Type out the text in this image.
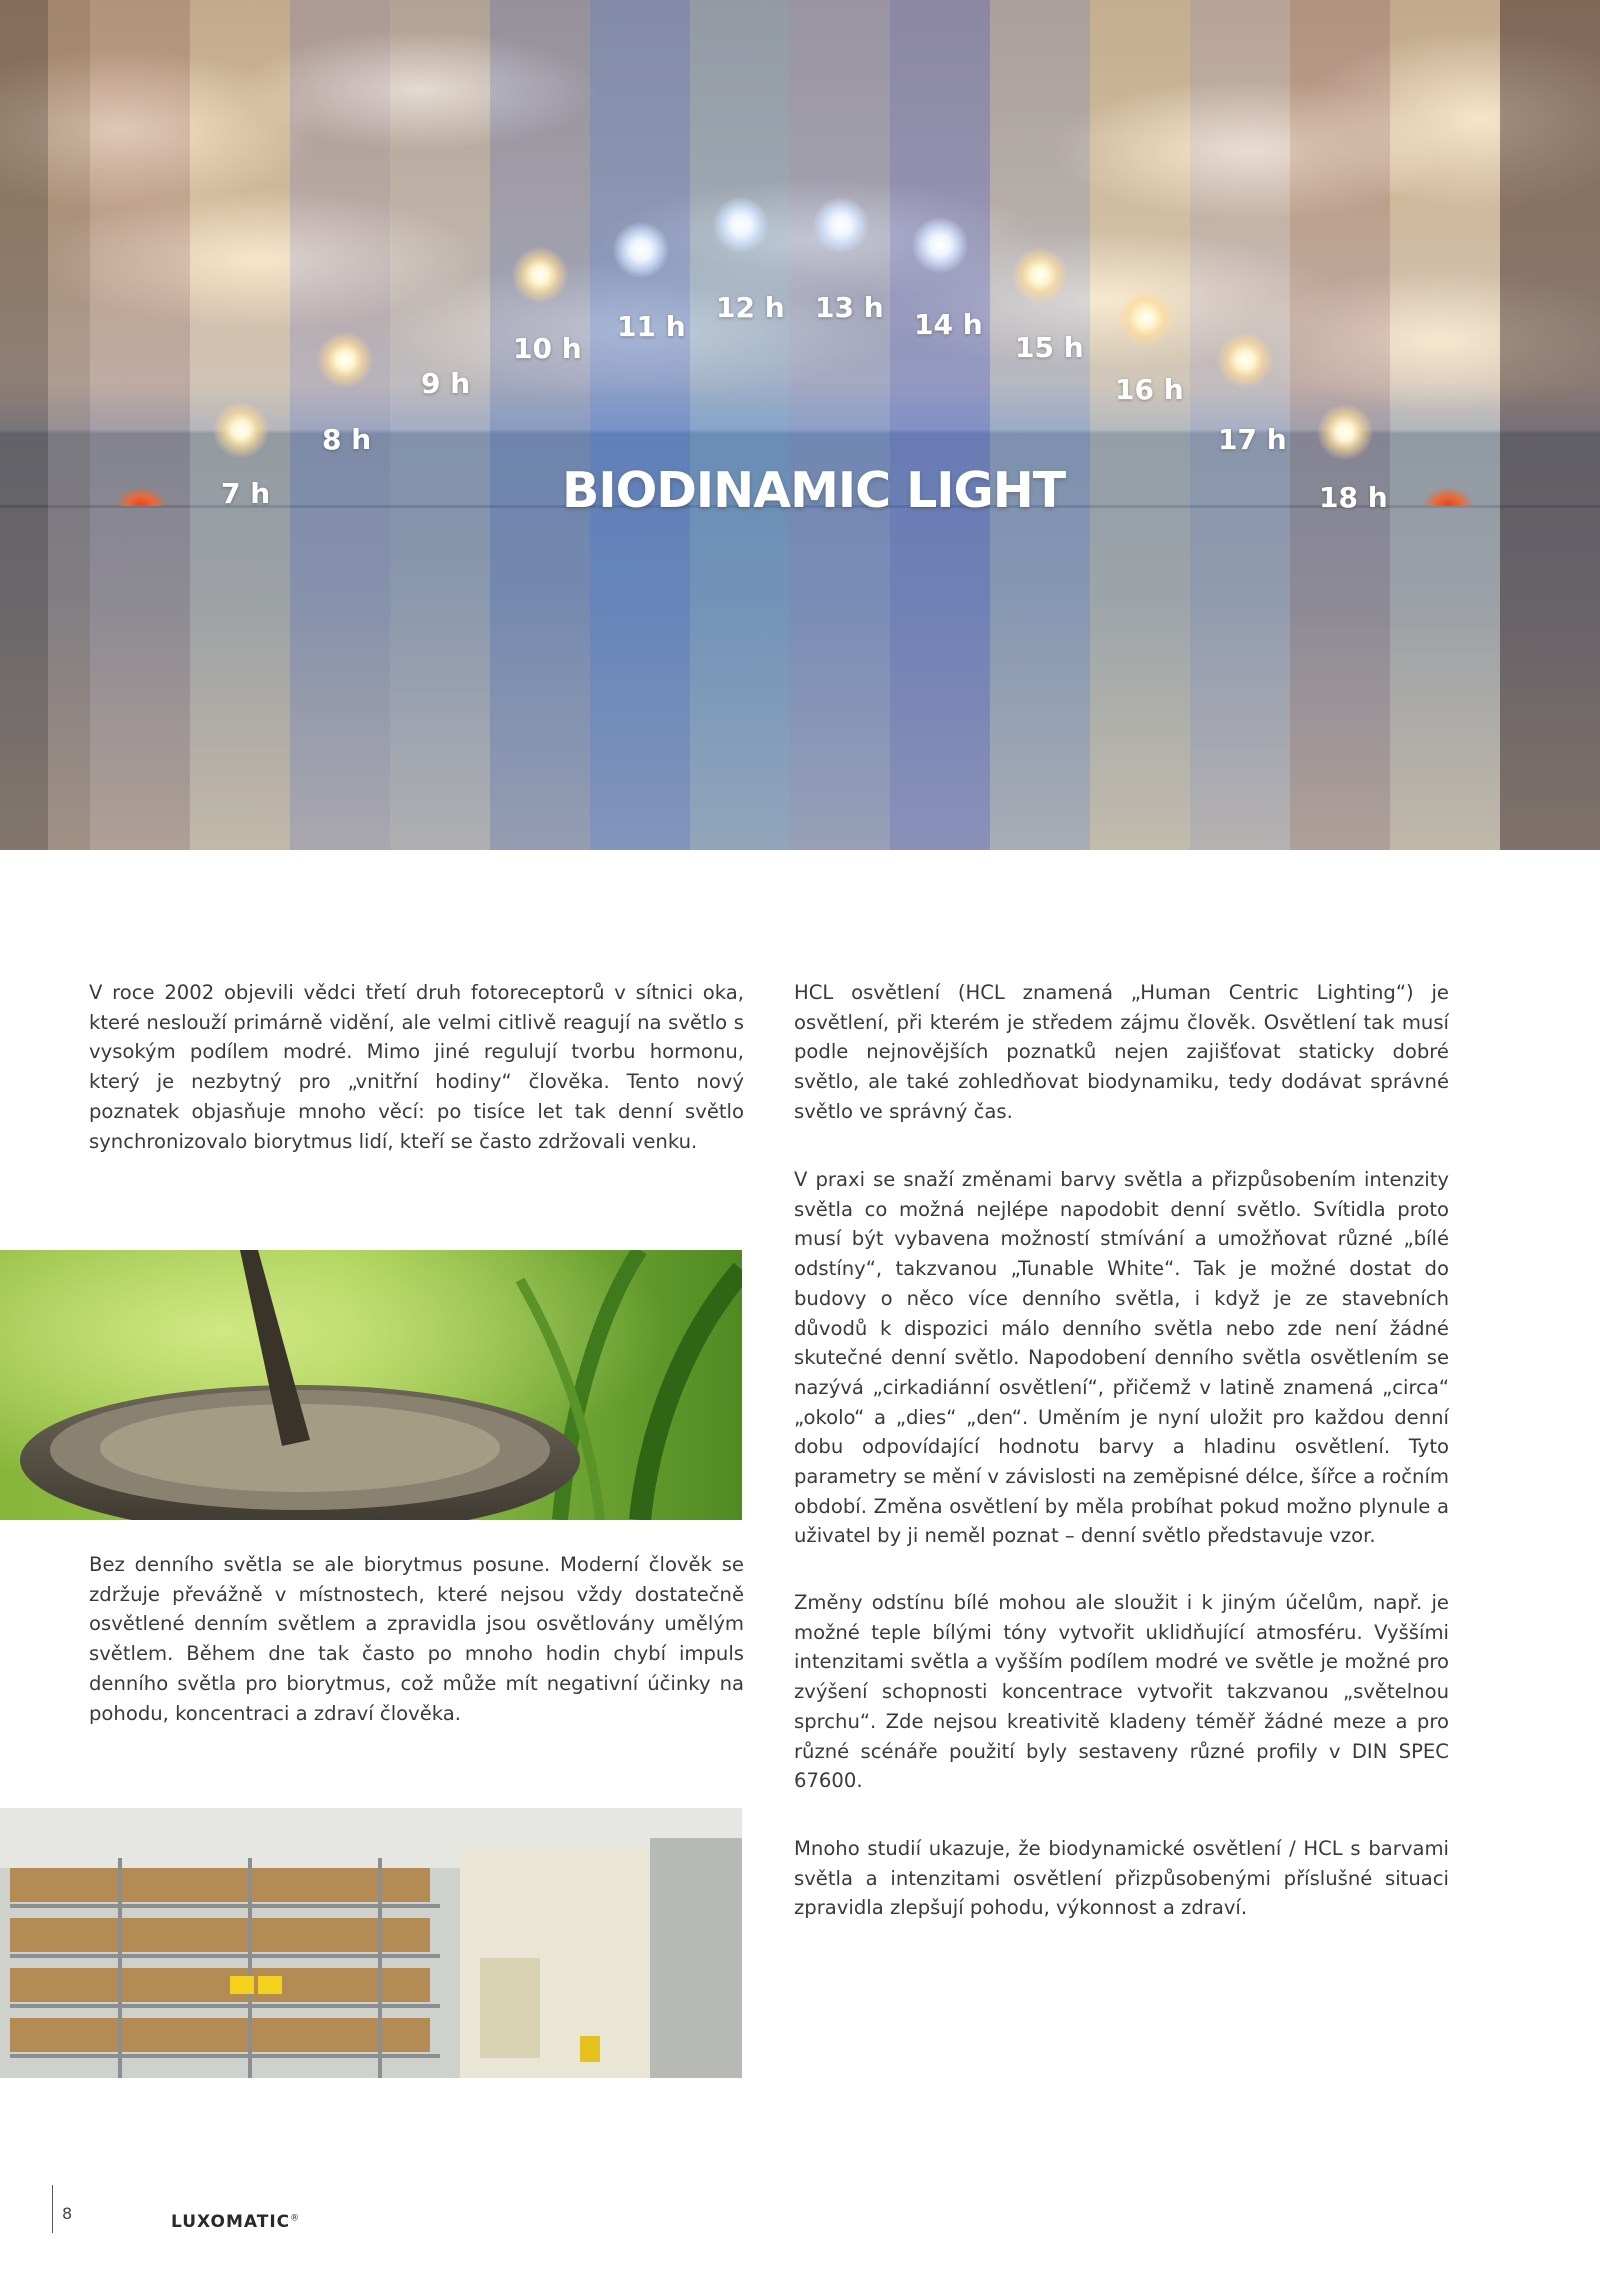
7 h
8 h
9 h
10 h
11 h
12 h 13 h
14 h
15 h
16 h
17 h
18 h
BIODINAMIC LIGHT

V roce 2002 objevili vědci třetí druh fotoreceptorů v sítnici oka, které neslouží primárně vidění, ale velmi citlivě reagují na světlo s vysokým podílem modré. Mimo jiné regulují tvorbu hormonu, který je nezbytný pro „vnitřní hodiny“ člověka. Tento nový poznatek objasňuje mnoho věcí: po tisíce let tak denní světlo synchronizovalo biorytmus lidí, kteří se často zdržovali venku.

Bez denního světla se ale biorytmus posune. Moderní člověk se zdržuje převážně v místnostech, které nejsou vždy dostatečně osvětlené denním světlem a zpravidla jsou osvětlovány umělým světlem. Během dne tak často po mnoho hodin chybí impuls denního světla pro biorytmus, což může mít negativní účinky na pohodu, koncentraci a zdraví člověka.

HCL osvětlení (HCL znamená „Human Centric Lighting“) je osvětlení, při kterém je středem zájmu člověk. Osvětlení tak musí podle nejnovějších poznatků nejen zajišťovat staticky dobré světlo, ale také zohledňovat biodynamiku, tedy dodávat správné světlo ve správný čas.

V praxi se snaží změnami barvy světla a přizpůsobením intenzity světla co možná nejlépe napodobit denní světlo. Svítidla proto musí být vybavena možností stmívání a umožňovat různé „bílé odstíny“, takzvanou „Tunable White“. Tak je možné dostat do budovy o něco více denního světla, i když je ze stavebních důvodů k dispozici málo denního světla nebo zde není žádné skutečné denní světlo. Napodobení denního světla osvětlením se nazývá „cirkadiánní osvětlení“, přičemž v latině znamená „circa“ „okolo“ a „dies“ „den“. Uměním je nyní uložit pro každou denní dobu odpovídající hodnotu barvy a hladinu osvětlení. Tyto parametry se mění v závislosti na zeměpisné délce, šířce a ročním období. Změna osvětlení by měla probíhat pokud možno plynule a uživatel by ji neměl poznat – denní světlo představuje vzor.

Změny odstínu bílé mohou ale sloužit i k jiným účelům, např. je možné teple bílými tóny vytvořit uklidňující atmosféru. Vyššími intenzitami světla a vyšším podílem modré ve světle je možné pro zvýšení schopnosti koncentrace vytvořit takzvanou „světelnou sprchu“. Zde nejsou kreativitě kladeny téměř žádné meze a pro různé scénáře použití byly sestaveny různé profily v DIN SPEC 67600.

Mnoho studií ukazuje, že biodynamické osvětlení / HCL s barvami světla a intenzitami osvětlení přizpůsobenými příslušné situaci zpravidla zlepšují pohodu, výkonnost a zdraví.

8	LUXOMATIC®
